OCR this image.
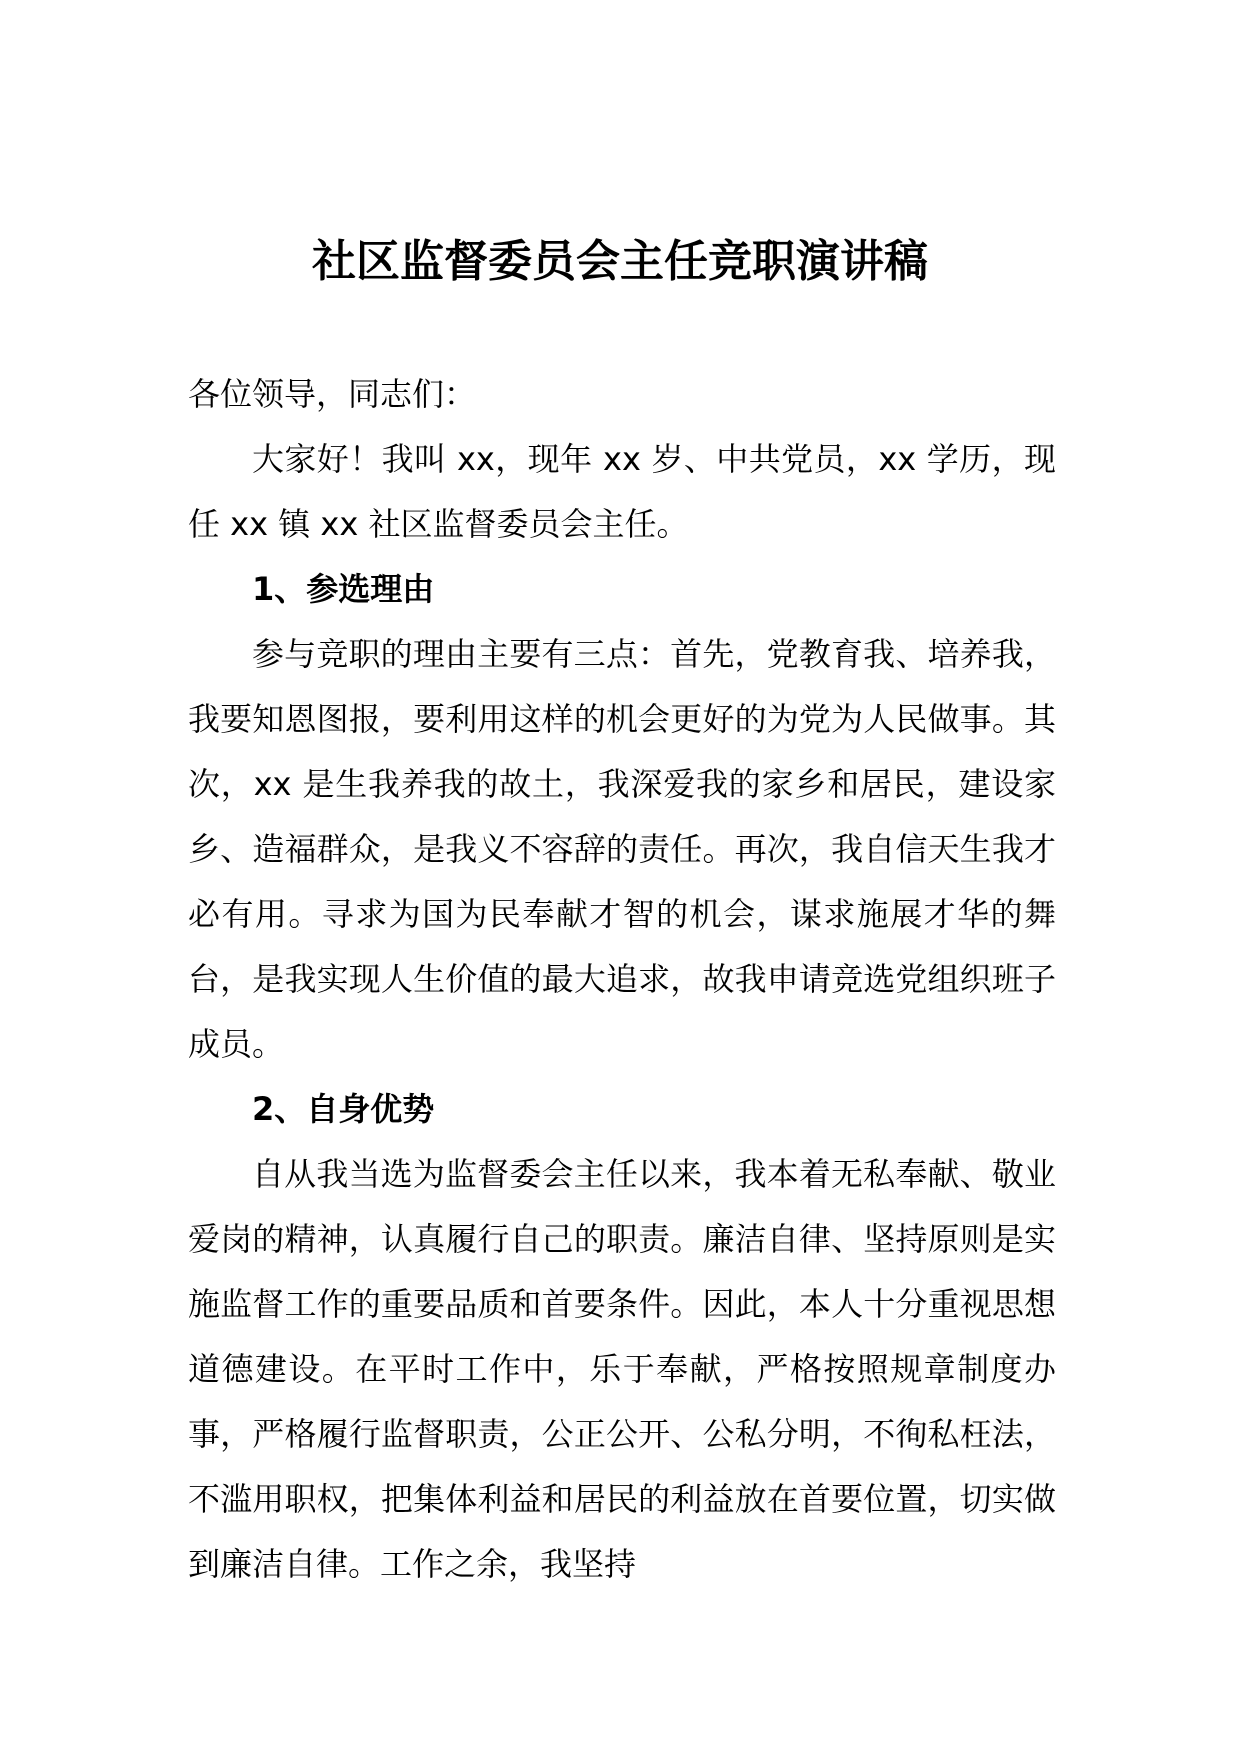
社区监督委员会主任竞职演讲稿

各位领导，同志们：

大家好！我叫 xx，现年 xx 岁、中共党员，xx 学历，现任 xx 镇 xx 社区监督委员会主任。

1、参选理由

参与竞职的理由主要有三点：首先，党教育我、培养我，我要知恩图报，要利用这样的机会更好的为党为人民做事。其次，xx 是生我养我的故土，我深爱我的家乡和居民，建设家乡、造福群众，是我义不容辞的责任。再次，我自信天生我才必有用。寻求为国为民奉献才智的机会，谋求施展才华的舞台，是我实现人生价值的最大追求，故我申请竞选党组织班子成员。

2、自身优势

自从我当选为监督委会主任以来，我本着无私奉献、敬业爱岗的精神，认真履行自己的职责。廉洁自律、坚持原则是实施监督工作的重要品质和首要条件。因此，本人十分重视思想道德建设。在平时工作中，乐于奉献，严格按照规章制度办事，严格履行监督职责，公正公开、公私分明，不徇私枉法，不滥用职权，把集体利益和居民的利益放在首要位置，切实做到廉洁自律。工作之余，我坚持
